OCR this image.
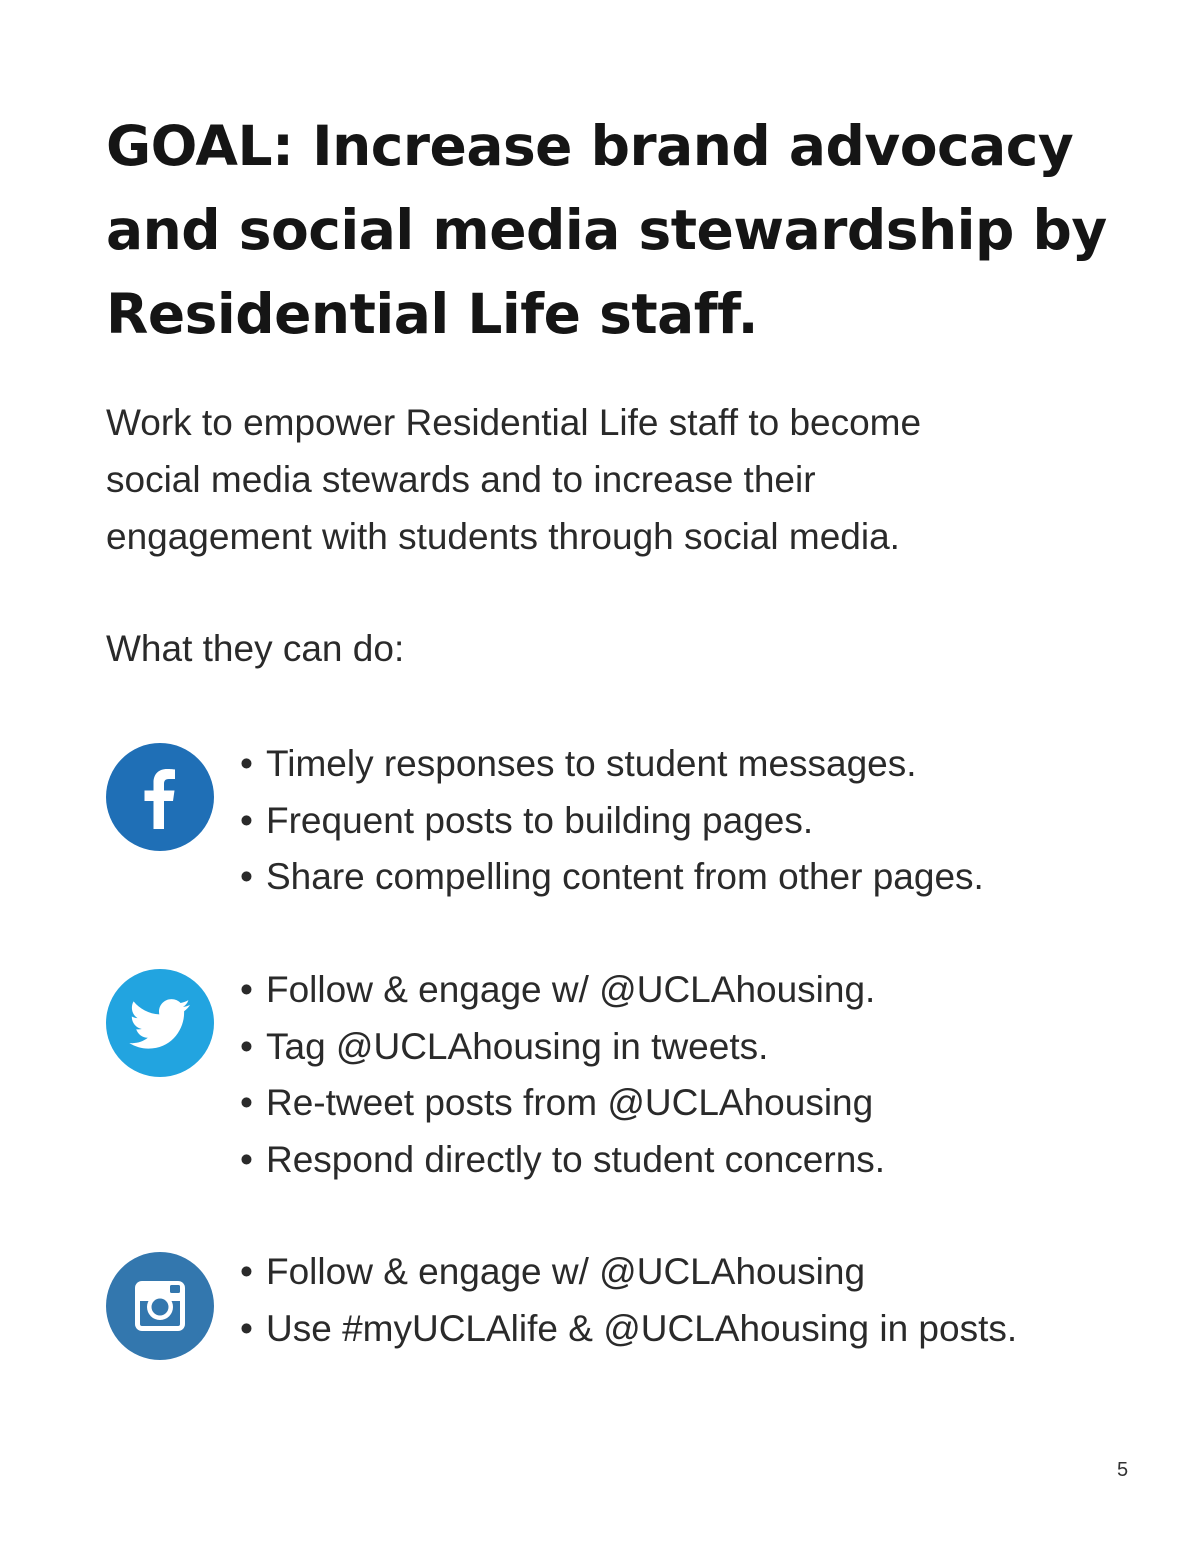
GOAL: Increase brand advocacy
and social media stewardship by
Residential Life staff.

Work to empower Residential Life staff to become
social media stewards and to increase their
engagement with students through social media.

What they can do:

• Timely responses to student messages.
• Frequent posts to building pages.
• Share compelling content from other pages.
• Follow & engage w/ @UCLAhousing.
• Tag @UCLAhousing in tweets.
• Re-tweet posts from @UCLAhousing
• Respond directly to student concerns.
• Follow & engage w/ @UCLAhousing
• Use #myUCLAlife & @UCLAhousing in posts.
5
